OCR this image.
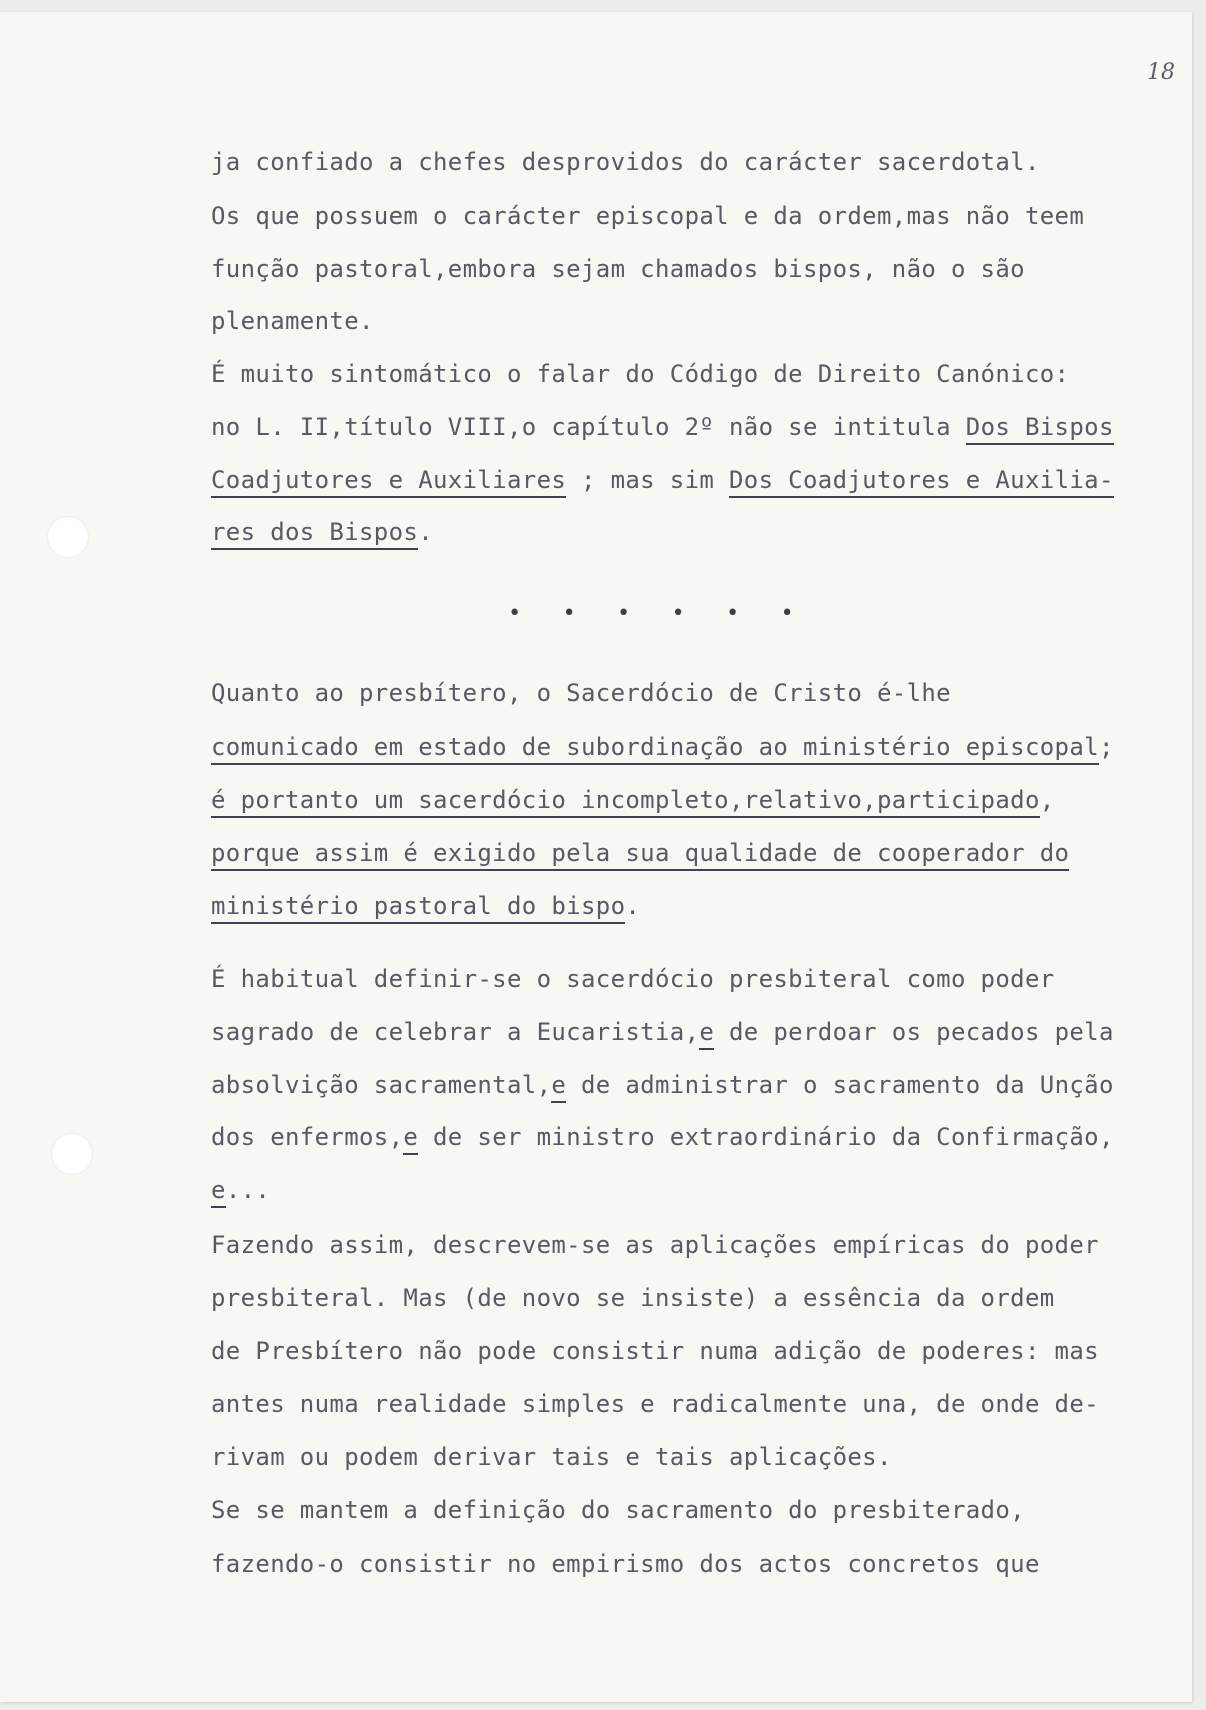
18
ja confiado a chefes desprovidos do carácter sacerdotal.
Os que possuem o carácter episcopal e da ordem,mas não teem
função pastoral,embora sejam chamados bispos, não o são
plenamente.
É muito sintomático o falar do Código de Direito Canónico:
no L. II,título VIII,o capítulo 2º não se intitula Dos Bispos
Coadjutores e Auxiliares ; mas sim Dos Coadjutores e Auxilia-
res dos Bispos.
• • • • • •
Quanto ao presbítero, o Sacerdócio de Cristo é-lhe
comunicado em estado de subordinação ao ministério episcopal;
é portanto um sacerdócio incompleto,relativo,participado,
porque assim é exigido pela sua qualidade de cooperador do
ministério pastoral do bispo.
É habitual definir-se o sacerdócio presbiteral como poder
sagrado de celebrar a Eucaristia,e de perdoar os pecados pela
absolvição sacramental,e de administrar o sacramento da Unção
dos enfermos,e de ser ministro extraordinário da Confirmação,
e...
Fazendo assim, descrevem-se as aplicações empíricas do poder
presbiteral. Mas (de novo se insiste) a essência da ordem
de Presbítero não pode consistir numa adição de poderes: mas
antes numa realidade simples e radicalmente una, de onde de-
rivam ou podem derivar tais e tais aplicações.
Se se mantem a definição do sacramento do presbiterado,
fazendo-o consistir no empirismo dos actos concretos que
